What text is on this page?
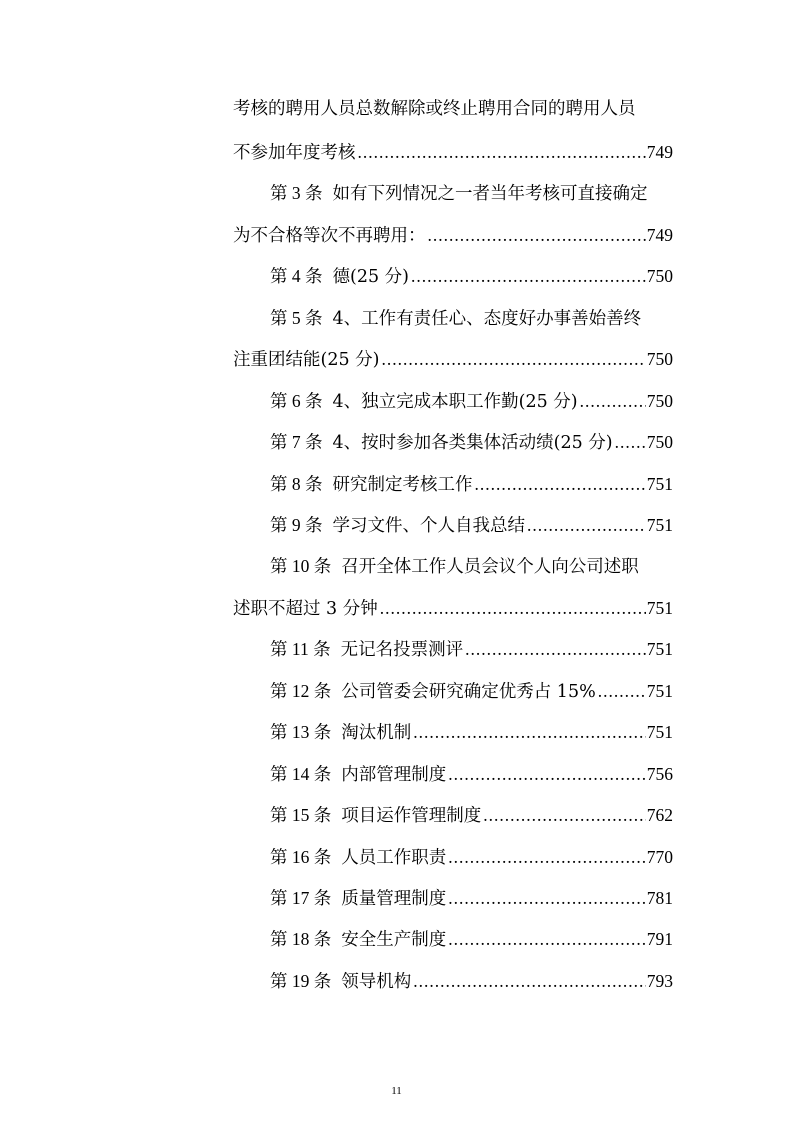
考核的聘用人员总数解除或终止聘用合同的聘用人员
不参加年度考核 .....	749
第 3 条 如有下列情况之一者当年考核可直接确定
为不合格等次不再聘用： .....	749
第 4 条 德(25 分) .....	750
第 5 条 4、工作有责任心、态度好办事善始善终
注重团结能(25 分) .....	750
第 6 条 4、独立完成本职工作勤(25 分) .....	750
第 7 条 4、按时参加各类集体活动绩(25 分) ..... 750
第 8 条 研究制定考核工作 .....	751
第 9 条 学习文件、个人自我总结 .....	751
第 10 条 召开全体工作人员会议个人向公司述职
述职不超过 3 分钟 .....	751
第 11 条 无记名投票测评 .....	751
第 12 条 公司管委会研究确定优秀占 15% .....	751
第 13 条 淘汰机制 .....	751
第 14 条 内部管理制度 .....	756
第 15 条 项目运作管理制度 .....	762
第 16 条 人员工作职责 .....	770
第 17 条 质量管理制度 .....	781
第 18 条 安全生产制度 .....	791
第 19 条 领导机构 .....	793
11
